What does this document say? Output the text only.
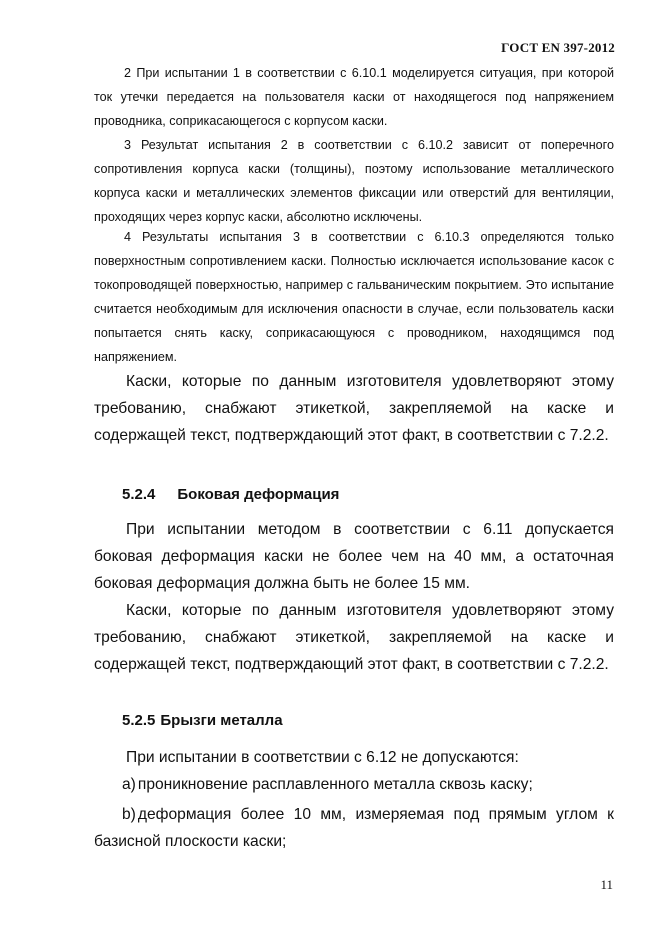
ГОСТ EN 397-2012

2 При испытании 1 в соответствии с 6.10.1 моделируется ситуация, при которой ток утечки передается на пользователя каски от находящегося под напряжением проводника, соприкасающегося с корпусом каски.

3 Результат испытания 2 в соответствии с 6.10.2 зависит от поперечного сопротивления корпуса каски (толщины), поэтому использование металлического корпуса каски и металлических элементов фиксации или отверстий для вентиляции, проходящих через корпус каски, абсолютно исключены.

4 Результаты испытания 3 в соответствии с 6.10.3 определяются только поверхностным сопротивлением каски. Полностью исключается использование касок с токопроводящей поверхностью, например с гальваническим покрытием. Это испытание считается необходимым для исключения опасности в случае, если пользователь каски попытается снять каску, соприкасающуюся с проводником, находящимся под напряжением.

Каски, которые по данным изготовителя удовлетворяют этому требованию, снабжают этикеткой, закрепляемой на каске и содержащей текст, подтверждающий этот факт, в соответствии с 7.2.2.

5.2.4 Боковая деформация

При испытании методом в соответствии с 6.11 допускается боковая деформация каски не более чем на 40 мм, а остаточная боковая деформация должна быть не более 15 мм.

Каски, которые по данным изготовителя удовлетворяют этому требованию, снабжают этикеткой, закрепляемой на каске и содержащей текст, подтверждающий этот факт, в соответствии с 7.2.2.

5.2.5 Брызги металла

При испытании в соответствии с 6.12 не допускаются:

a) проникновение расплавленного металла сквозь каску;

b) деформация более 10 мм, измеряемая под прямым углом к базисной плоскости каски;

11
